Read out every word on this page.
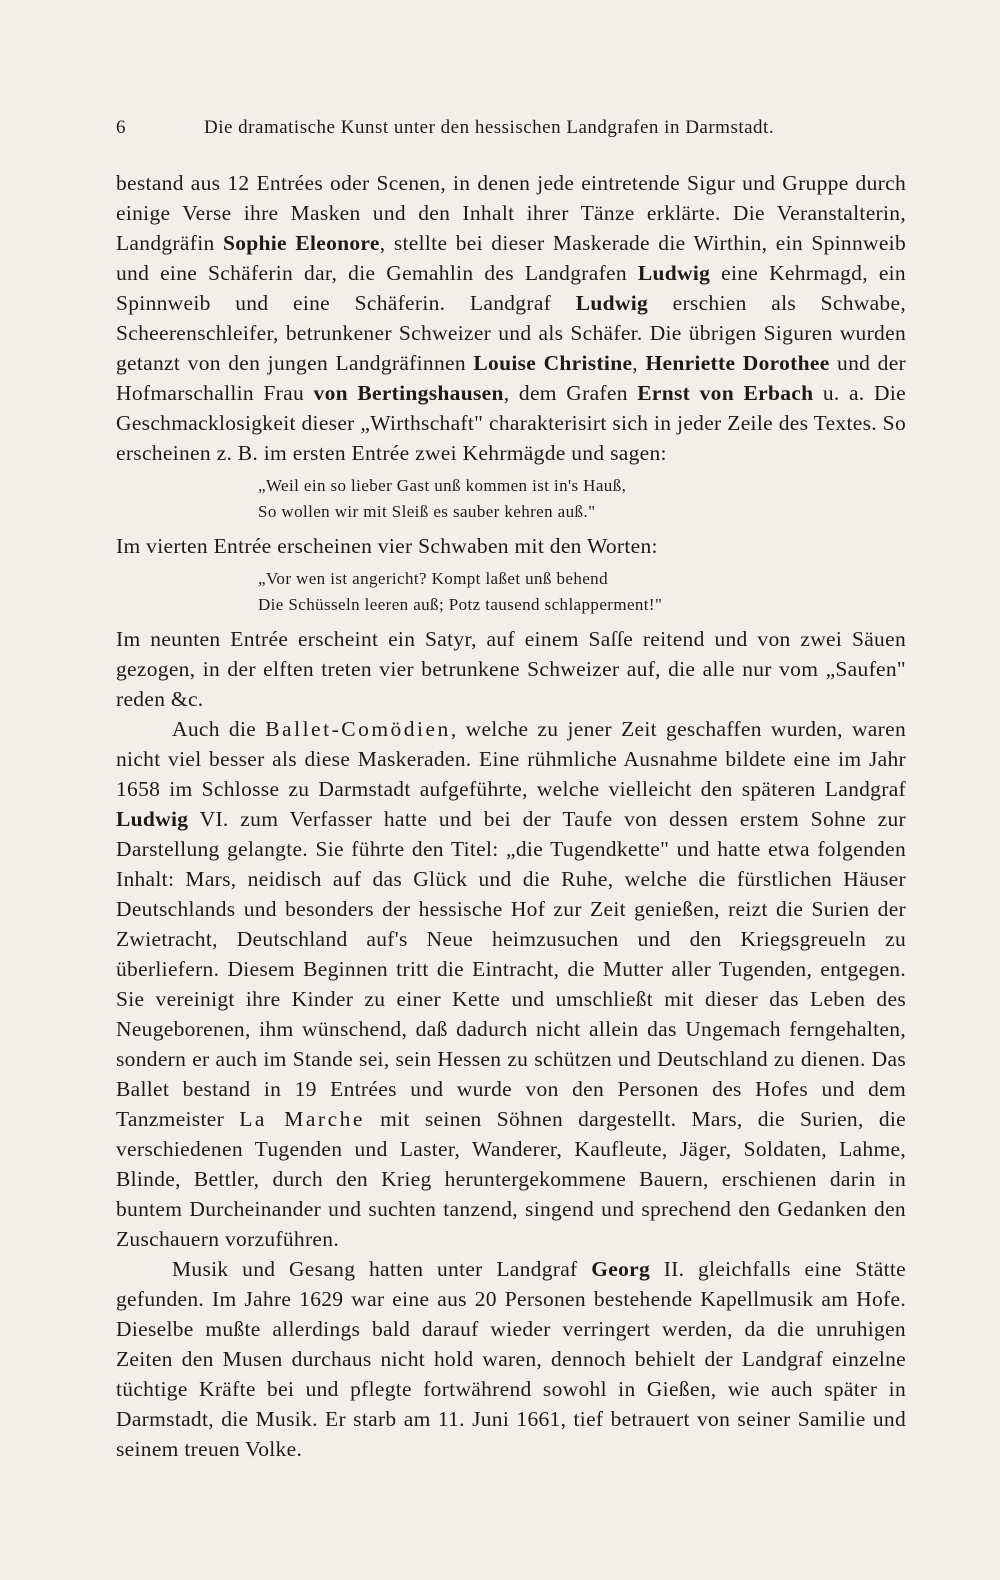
6	Die dramatische Kunst unter den hessischen Landgrafen in Darmstadt.

bestand aus 12 Entrées oder Scenen, in denen jede eintretende Sigur und Gruppe durch einige Verse ihre Masken und den Inhalt ihrer Tänze erklärte. Die Veranstalterin, Landgräfin Sophie Eleonore, stellte bei dieser Maskerade die Wirthin, ein Spinnweib und eine Schäferin dar, die Gemahlin des Landgrafen Ludwig eine Kehrmagd, ein Spinnweib und eine Schäferin. Landgraf Ludwig erschien als Schwabe, Scheerenschleifer, betrunkener Schweizer und als Schäfer. Die übrigen Siguren wurden getanzt von den jungen Landgräfinnen Louise Christine, Henriette Dorothee und der Hofmarschallin Frau von Bertingshausen, dem Grafen Ernst von Erbach u. a. Die Geschmacklosigkeit dieser „Wirthschaft" charakterisirt sich in jeder Zeile des Textes. So erscheinen z. B. im ersten Entrée zwei Kehrmägde und sagen:

„Weil ein so lieber Gast unß kommen ist in's Hauß,
So wollen wir mit Sleiß es sauber kehren auß."

Im vierten Entrée erscheinen vier Schwaben mit den Worten:

„Vor wen ist angericht? Kompt laßet unß behend
Die Schüsseln leeren auß; Potz tausend schlapperment!"

Im neunten Entrée erscheint ein Satyr, auf einem Saſſe reitend und von zwei Säuen gezogen, in der elften treten vier betrunkene Schweizer auf, die alle nur vom „Saufen" reden &c.

Auch die Ballet-Comödien, welche zu jener Zeit geschaffen wurden, waren nicht viel besser als diese Maskeraden. Eine rühmliche Ausnahme bildete eine im Jahr 1658 im Schlosse zu Darmstadt aufgeführte, welche vielleicht den späteren Landgraf Ludwig VI. zum Verfasser hatte und bei der Taufe von dessen erstem Sohne zur Darstellung gelangte. Sie führte den Titel: „die Tugendkette" und hatte etwa folgenden Inhalt: Mars, neidisch auf das Glück und die Ruhe, welche die fürstlichen Häuser Deutschlands und besonders der hessische Hof zur Zeit genießen, reizt die Surien der Zwietracht, Deutschland auf's Neue heimzusuchen und den Kriegsgreueln zu überliefern. Diesem Beginnen tritt die Eintracht, die Mutter aller Tugenden, entgegen. Sie vereinigt ihre Kinder zu einer Kette und umschließt mit dieser das Leben des Neugeborenen, ihm wünschend, daß dadurch nicht allein das Ungemach ferngehalten, sondern er auch im Stande sei, sein Hessen zu schützen und Deutschland zu dienen. Das Ballet bestand in 19 Entrées und wurde von den Personen des Hofes und dem Tanzmeister La Marche mit seinen Söhnen dargestellt. Mars, die Surien, die verschiedenen Tugenden und Laster, Wanderer, Kaufleute, Jäger, Soldaten, Lahme, Blinde, Bettler, durch den Krieg heruntergekommene Bauern, erschienen darin in buntem Durcheinander und suchten tanzend, singend und sprechend den Gedanken den Zuschauern vorzuführen.

Musik und Gesang hatten unter Landgraf Georg II. gleichfalls eine Stätte gefunden. Im Jahre 1629 war eine aus 20 Personen bestehende Kapellmusik am Hofe. Dieselbe mußte allerdings bald darauf wieder verringert werden, da die unruhigen Zeiten den Musen durchaus nicht hold waren, dennoch behielt der Landgraf einzelne tüchtige Kräfte bei und pflegte fortwährend sowohl in Gießen, wie auch später in Darmstadt, die Musik. Er starb am 11. Juni 1661, tief betrauert von seiner Samilie und seinem treuen Volke.
